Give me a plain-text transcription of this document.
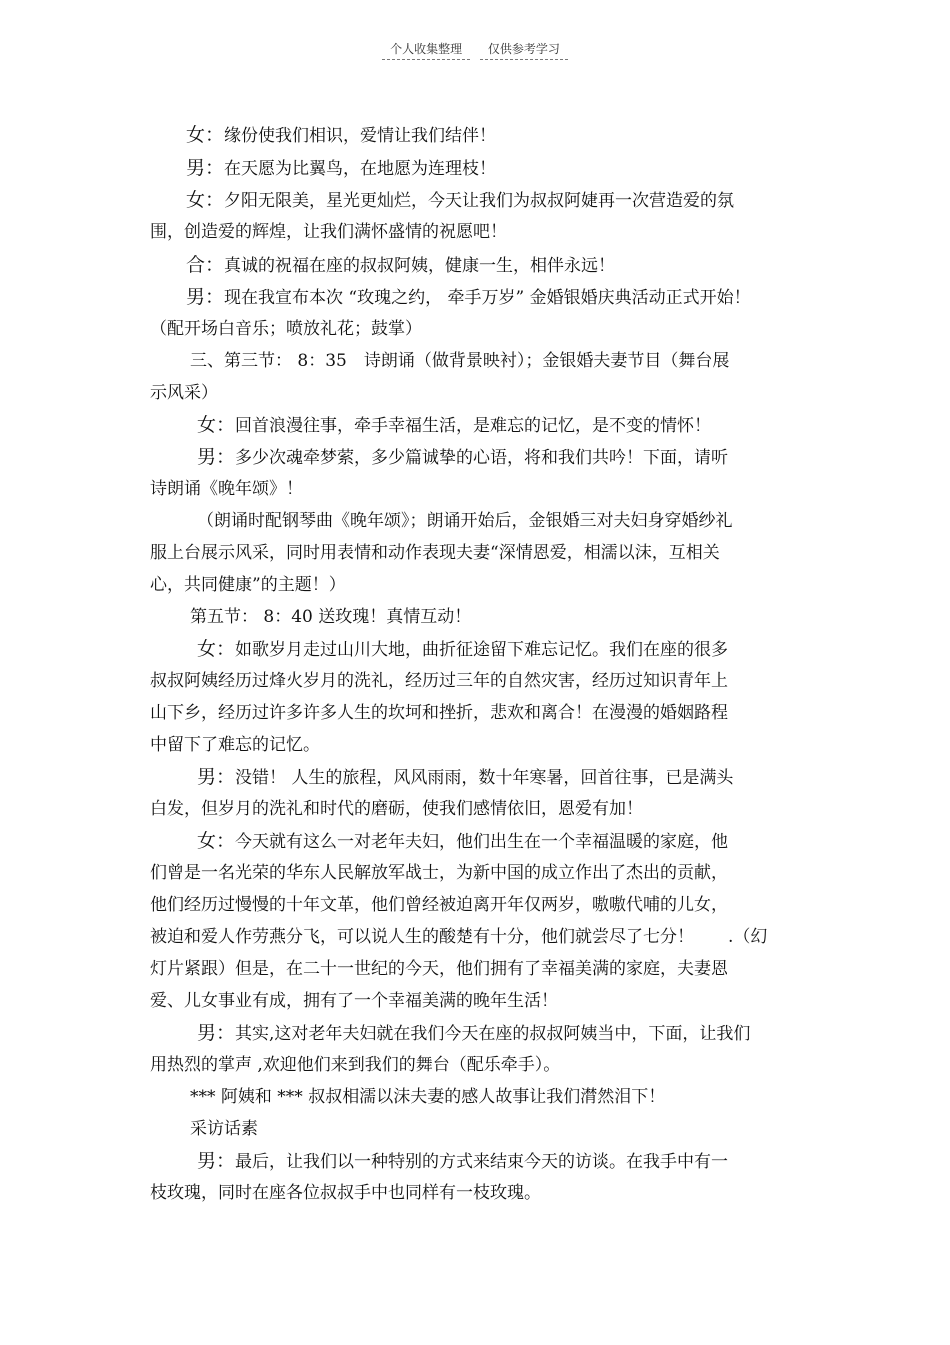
个人收集整理 仅供参考学习
女：缘份使我们相识，爱情让我们结伴！
男：在天愿为比翼鸟，在地愿为连理枝！
女：夕阳无限美，星光更灿烂，今天让我们为叔叔阿婕再一次营造爱的氛
围，创造爱的辉煌，让我们满怀盛情的祝愿吧！
合：真诚的祝福在座的叔叔阿姨，健康一生，相伴永远！
男：现在我宣布本次 “玫瑰之约， 牵手万岁” 金婚银婚庆典活动正式开始！
（配开场白音乐；喷放礼花；鼓掌）
三、第三节： 8：35　诗朗诵（做背景映衬）；金银婚夫妻节目（舞台展
示风采）
女：回首浪漫往事，牵手幸福生活，是难忘的记忆，是不变的情怀！
男：多少次魂牵梦萦，多少篇诚挚的心语，将和我们共吟！下面，请听
诗朗诵《晚年颂》！
（朗诵时配钢琴曲《晚年颂》；朗诵开始后，金银婚三对夫妇身穿婚纱礼
服上台展示风采，同时用表情和动作表现夫妻“深情恩爱，相濡以沫，互相关
心，共同健康”的主题！）
第五节： 8：40 送玫瑰！真情互动！
女：如歌岁月走过山川大地，曲折征途留下难忘记忆。我们在座的很多
叔叔阿姨经历过烽火岁月的洗礼，经历过三年的自然灾害，经历过知识青年上
山下乡，经历过许多许多人生的坎坷和挫折，悲欢和离合！在漫漫的婚姻路程
中留下了难忘的记忆。
男：没错！ 人生的旅程，风风雨雨，数十年寒暑，回首往事，已是满头
白发，但岁月的洗礼和时代的磨砺，使我们感情依旧，恩爱有加！
女：今天就有这么一对老年夫妇，他们出生在一个幸福温暖的家庭，他
们曾是一名光荣的华东人民解放军战士，为新中国的成立作出了杰出的贡献，
他们经历过慢慢的十年文革，他们曾经被迫离开年仅两岁，嗷嗷代哺的儿女，
被迫和爱人作劳燕分飞，可以说人生的酸楚有十分，他们就尝尽了七分！　　.（幻
灯片紧跟）但是，在二十一世纪的今天，他们拥有了幸福美满的家庭，夫妻恩
爱、儿女事业有成，拥有了一个幸福美满的晚年生活！
男：其实,这对老年夫妇就在我们今天在座的叔叔阿姨当中，下面，让我们
用热烈的掌声 ,欢迎他们来到我们的舞台（配乐牵手）。
*** 阿姨和 *** 叔叔相濡以沫夫妻的感人故事让我们潸然泪下！
采访话素
男：最后，让我们以一种特别的方式来结束今天的访谈。在我手中有一
枝玫瑰，同时在座各位叔叔手中也同样有一枝玫瑰。
